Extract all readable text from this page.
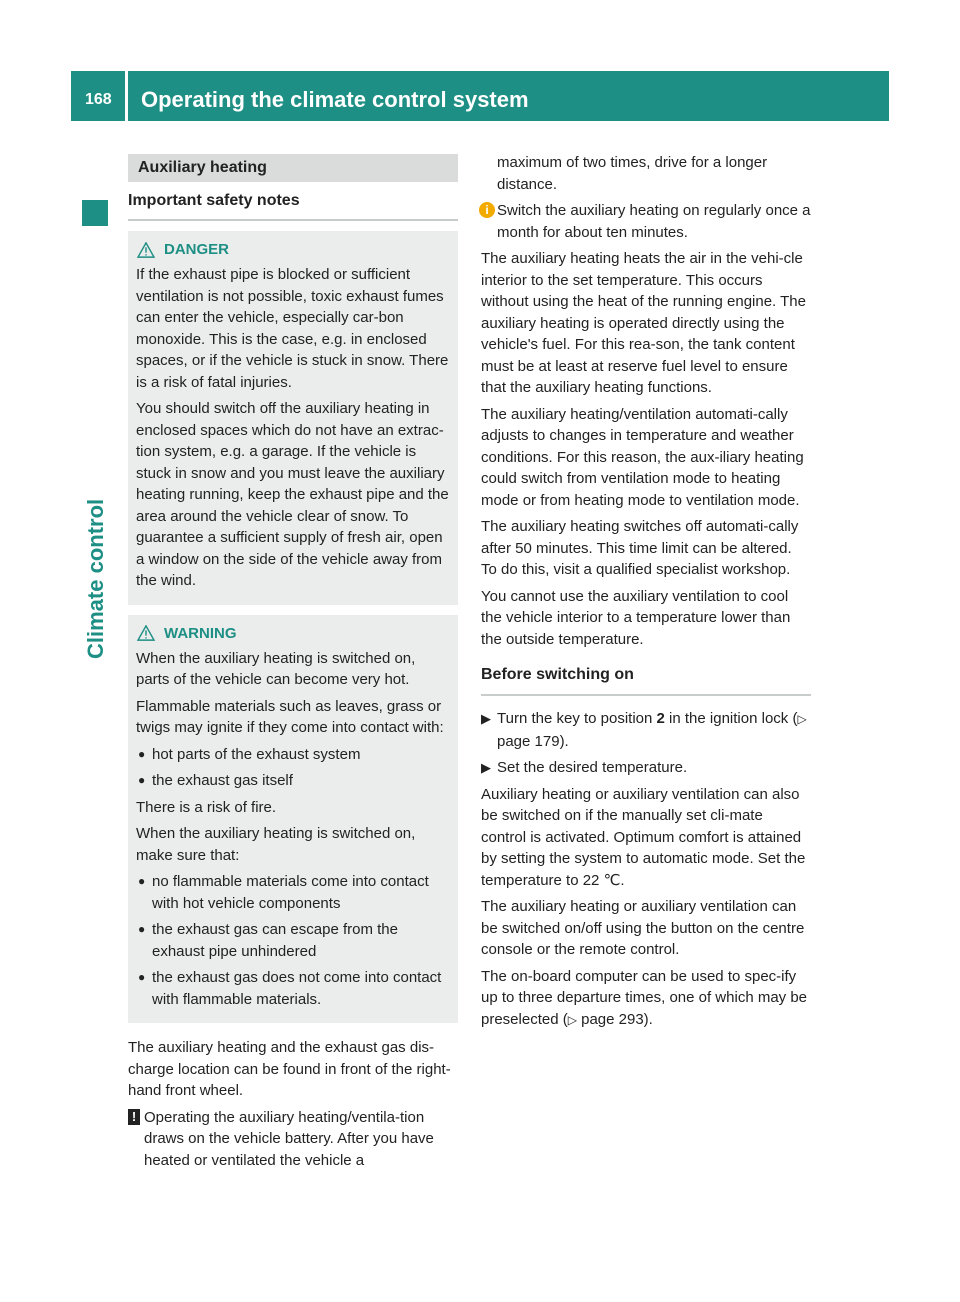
168 Operating the climate control system
Climate control
Auxiliary heating
Important safety notes
DANGER

If the exhaust pipe is blocked or sufficient ventilation is not possible, toxic exhaust fumes can enter the vehicle, especially car-bon monoxide. This is the case, e.g. in enclosed spaces, or if the vehicle is stuck in snow. There is a risk of fatal injuries.

You should switch off the auxiliary heating in enclosed spaces which do not have an extrac-tion system, e.g. a garage. If the vehicle is stuck in snow and you must leave the auxiliary heating running, keep the exhaust pipe and the area around the vehicle clear of snow. To guarantee a sufficient supply of fresh air, open a window on the side of the vehicle away from the wind.

WARNING

When the auxiliary heating is switched on, parts of the vehicle can become very hot.

Flammable materials such as leaves, grass or twigs may ignite if they come into contact with:

● hot parts of the exhaust system
● the exhaust gas itself

There is a risk of fire.

When the auxiliary heating is switched on, make sure that:

● no flammable materials come into contact with hot vehicle components
● the exhaust gas can escape from the exhaust pipe unhindered
● the exhaust gas does not come into contact with flammable materials.

The auxiliary heating and the exhaust gas dis-charge location can be found in front of the right-hand front wheel.

! Operating the auxiliary heating/ventila-tion draws on the vehicle battery. After you have heated or ventilated the vehicle a

maximum of two times, drive for a longer distance.

i Switch the auxiliary heating on regularly once a month for about ten minutes.

The auxiliary heating heats the air in the vehi-cle interior to the set temperature. This occurs without using the heat of the running engine. The auxiliary heating is operated directly using the vehicle's fuel. For this rea-son, the tank content must be at least at reserve fuel level to ensure that the auxiliary heating functions.

The auxiliary heating/ventilation automati-cally adjusts to changes in temperature and weather conditions. For this reason, the aux-iliary heating could switch from ventilation mode to heating mode or from heating mode to ventilation mode.

The auxiliary heating switches off automati-cally after 50 minutes. This time limit can be altered. To do this, visit a qualified specialist workshop.

You cannot use the auxiliary ventilation to cool the vehicle interior to a temperature lower than the outside temperature.

Before switching on
▶ Turn the key to position 2 in the ignition lock (▷ page 179).
▶ Set the desired temperature.

Auxiliary heating or auxiliary ventilation can also be switched on if the manually set cli-mate control is activated. Optimum comfort is attained by setting the system to automatic mode. Set the temperature to 22 ℃.

The auxiliary heating or auxiliary ventilation can be switched on/off using the button on the centre console or the remote control.

The on-board computer can be used to spec-ify up to three departure times, one of which may be preselected (▷ page 293).
